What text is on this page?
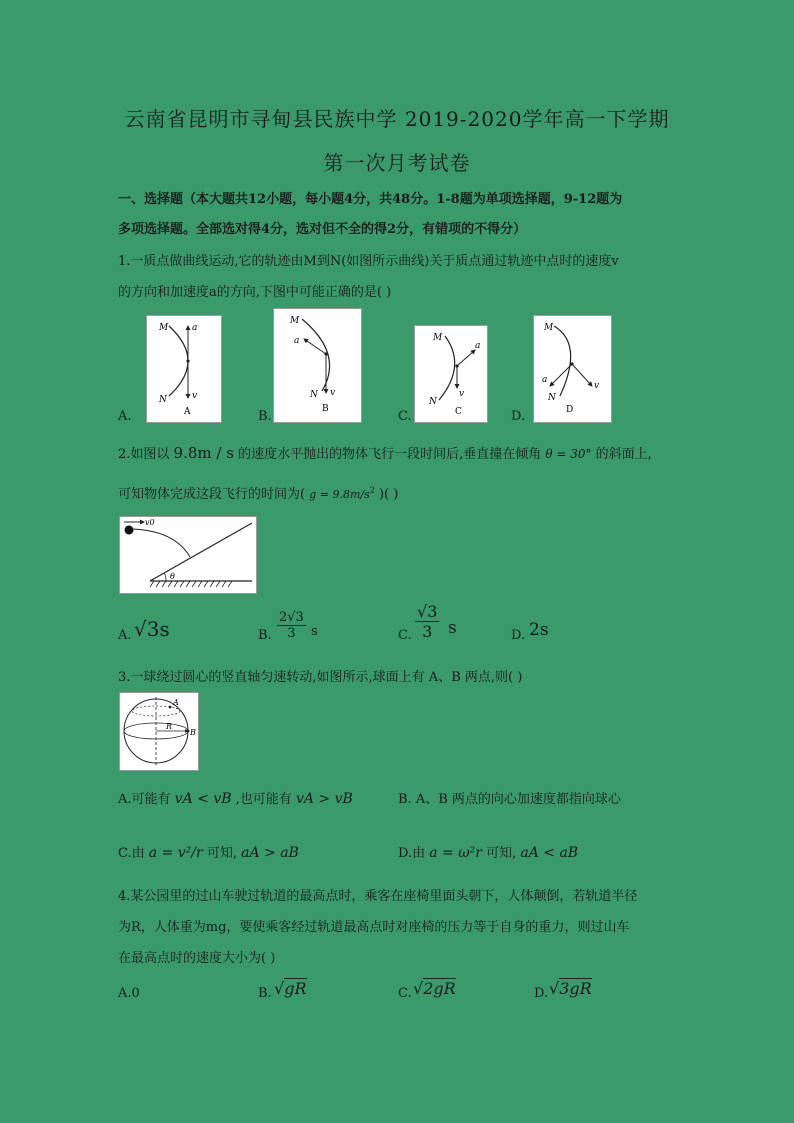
云南省昆明市寻甸县民族中学 2019-2020学年高一下学期
第一次月考试卷
一、选择题（本大题共12小题，每小题4分，共48分。1-8题为单项选择题，9-12题为
多项选择题。全部选对得4分，选对但不全的得2分，有错项的不得分）
1.一质点做曲线运动,它的轨迹由M到N(如图所示曲线)关于质点通过轨迹中点时的速度v
的方向和加速度a的方向,下图中可能正确的是( )
A.	B.	C.	D.
M
N
a
v
A
M
N
a
v
B
M
N
a
v
C
M
N
a
v
D
2.如图以 9.8m / s 的速度水平抛出的物体飞行一段时间后,垂直撞在倾角 θ = 30° 的斜面上,
可知物体完成这段飞行的时间为( $g = 9.8m/s^2$ )( )
v0
θ
A. √3s	B. $\frac{2√3}{3}$ s	C. $\frac{√3}{3}$ s	D. 2s
3.一球绕过圆心的竖直轴匀速转动,如图所示,球面上有 A、B 两点,则( )
A
B
R
A.可能有 vA < vB ,也可能有 vA > vB	B. A、B 两点的向心加速度都指向球心
C.由 a = v²/r 可知, aA > aB	D.由 a = ω²r 可知, aA < aB
4.某公园里的过山车驶过轨道的最高点时，乘客在座椅里面头朝下，人体颠倒，若轨道半径
为R，人体重为mg，要使乘客经过轨道最高点时对座椅的压力等于自身的重力，则过山车
在最高点时的速度大小为( )
A.0	B. √gR	C. √2gR	D. √3gR
